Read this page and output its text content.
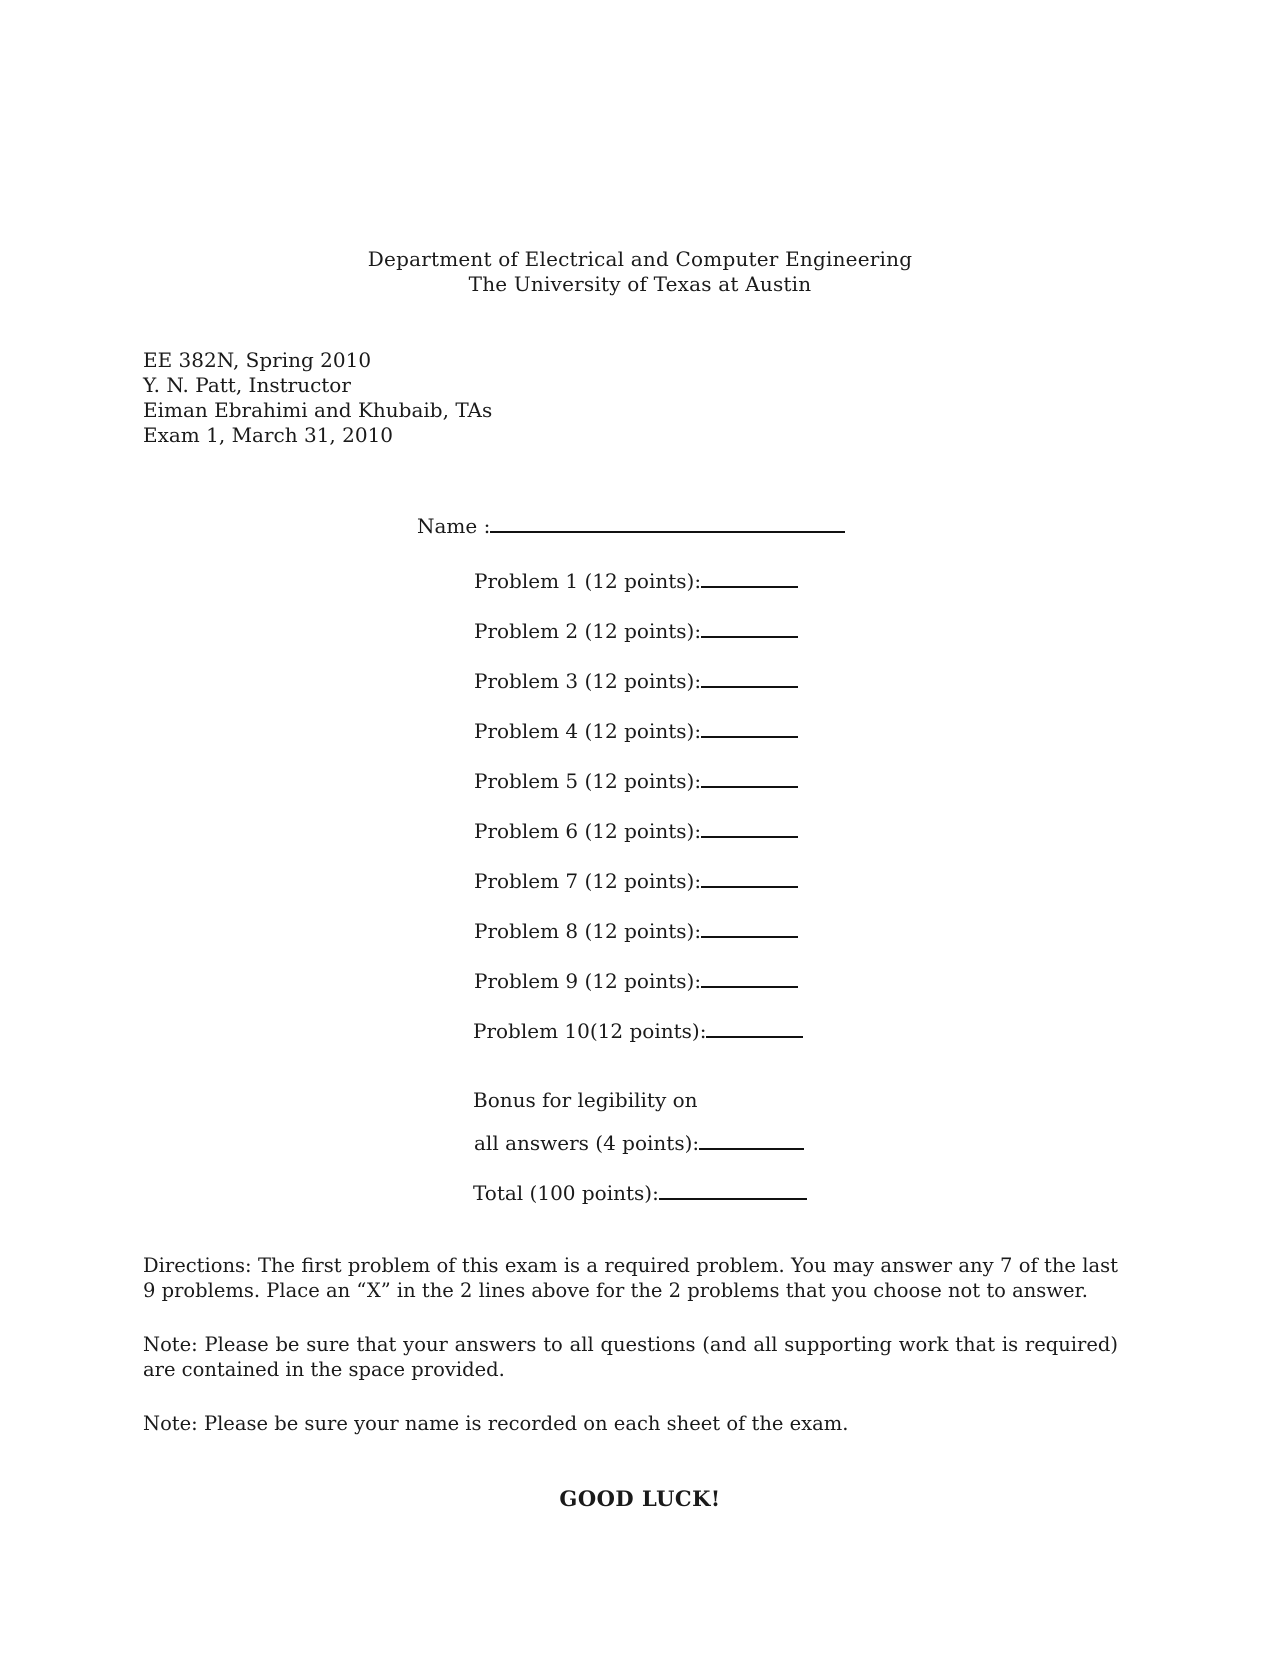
Department of Electrical and Computer Engineering
The University of Texas at Austin
EE 382N, Spring 2010
Y. N. Patt, Instructor
Eiman Ebrahimi and Khubaib, TAs
Exam 1, March 31, 2010
Name :
Problem 1 (12 points):
Problem 2 (12 points):
Problem 3 (12 points):
Problem 4 (12 points):
Problem 5 (12 points):
Problem 6 (12 points):
Problem 7 (12 points):
Problem 8 (12 points):
Problem 9 (12 points):
Problem 10(12 points):
Bonus for legibility on
all answers (4 points):
Total (100 points):
Directions: The first problem of this exam is a required problem. You may answer any 7 of the last 9 problems. Place an “X” in the 2 lines above for the 2 problems that you choose not to answer.
Note: Please be sure that your answers to all questions (and all supporting work that is required) are contained in the space provided.
Note: Please be sure your name is recorded on each sheet of the exam.
GOOD LUCK!
